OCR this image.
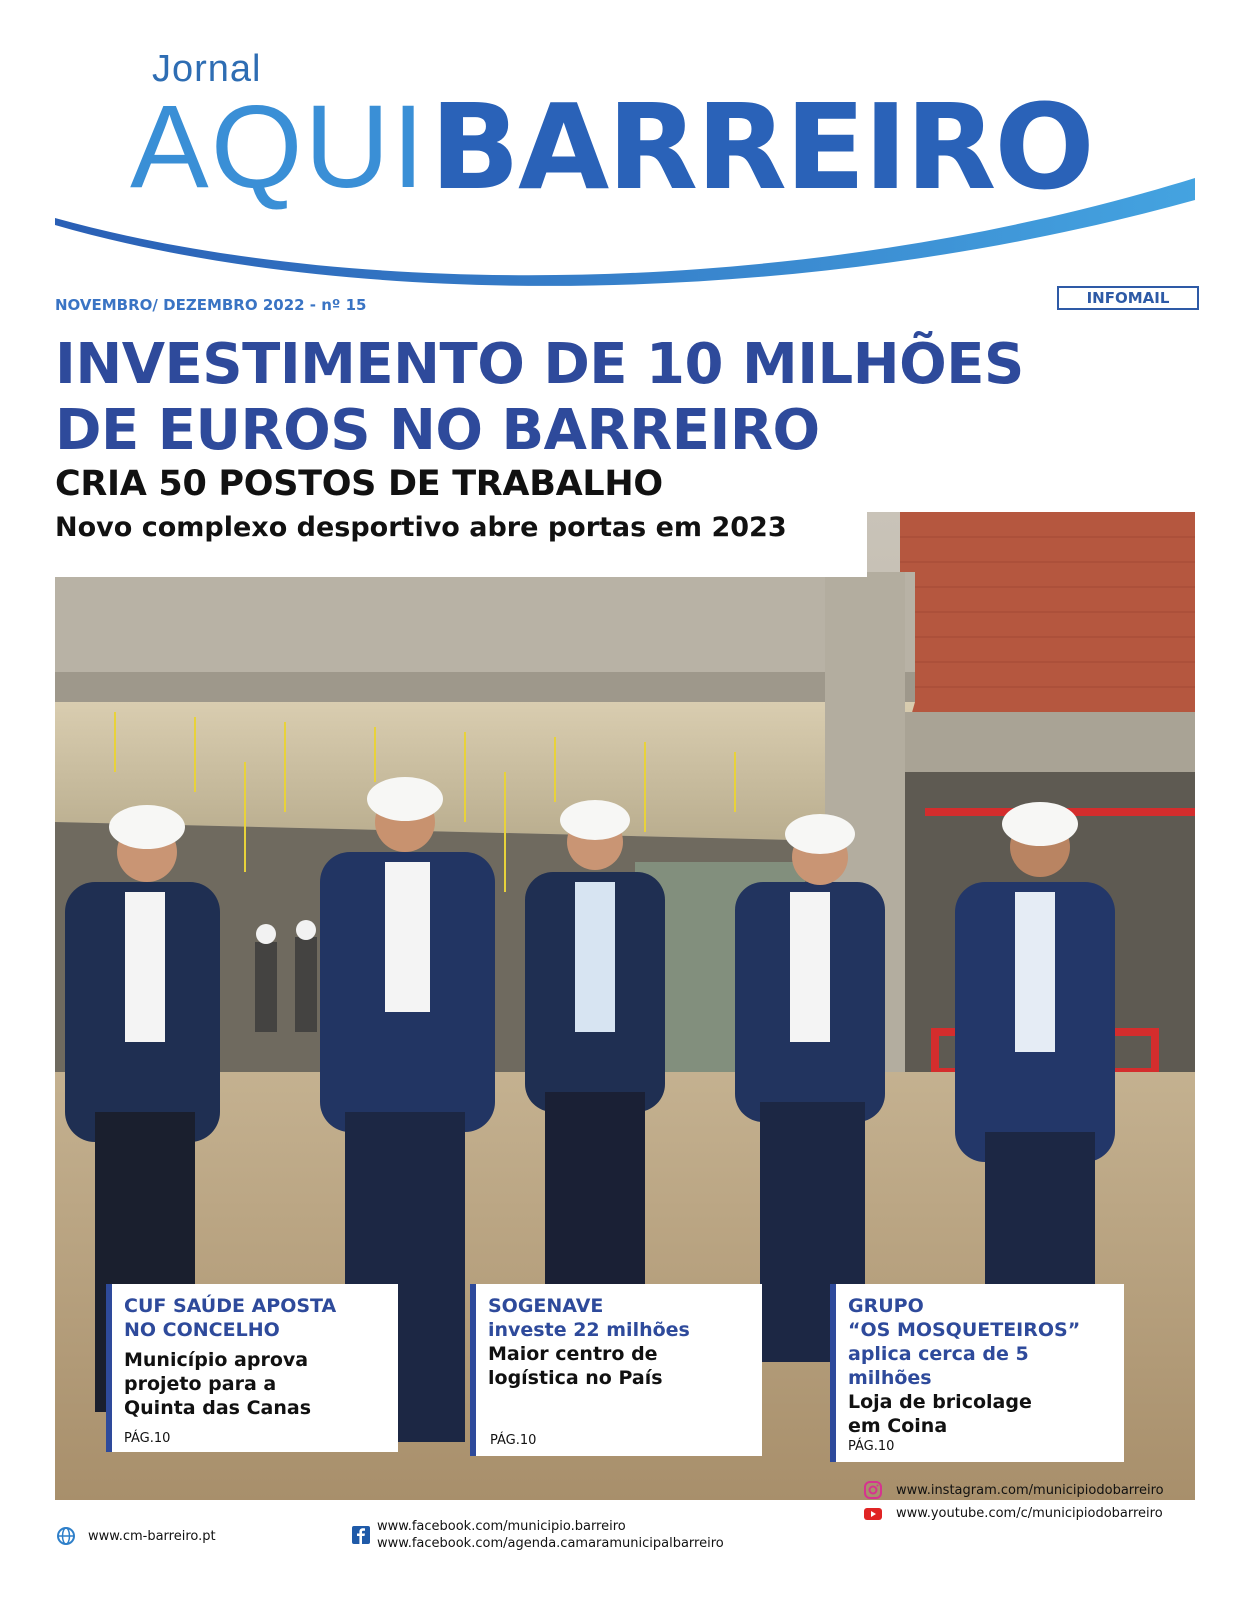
Jornal
AQUI BARREIRO
NOVEMBRO/ DEZEMBRO 2022 - nº 15	INFOMAIL
INVESTIMENTO DE 10 MILHÕES
DE EUROS NO BARREIRO
CRIA 50 POSTOS DE TRABALHO
Novo complexo desportivo abre portas em 2023
CUF SAÚDE APOSTA
NO CONCELHO
Município aprova
projeto para a
Quinta das Canas
PÁG.10
SOGENAVE
investe 22 milhões
Maior centro de
logística no País
PÁG.10
GRUPO
“OS MOSQUETEIROS”
aplica cerca de 5 milhões
Loja de bricolage
em Coina
PÁG.10
www.cm-barreiro.pt
www.facebook.com/municipio.barreiro
www.facebook.com/agenda.camaramunicipalbarreiro
www.instagram.com/municipiodobarreiro
www.youtube.com/c/municipiodobarreiro
